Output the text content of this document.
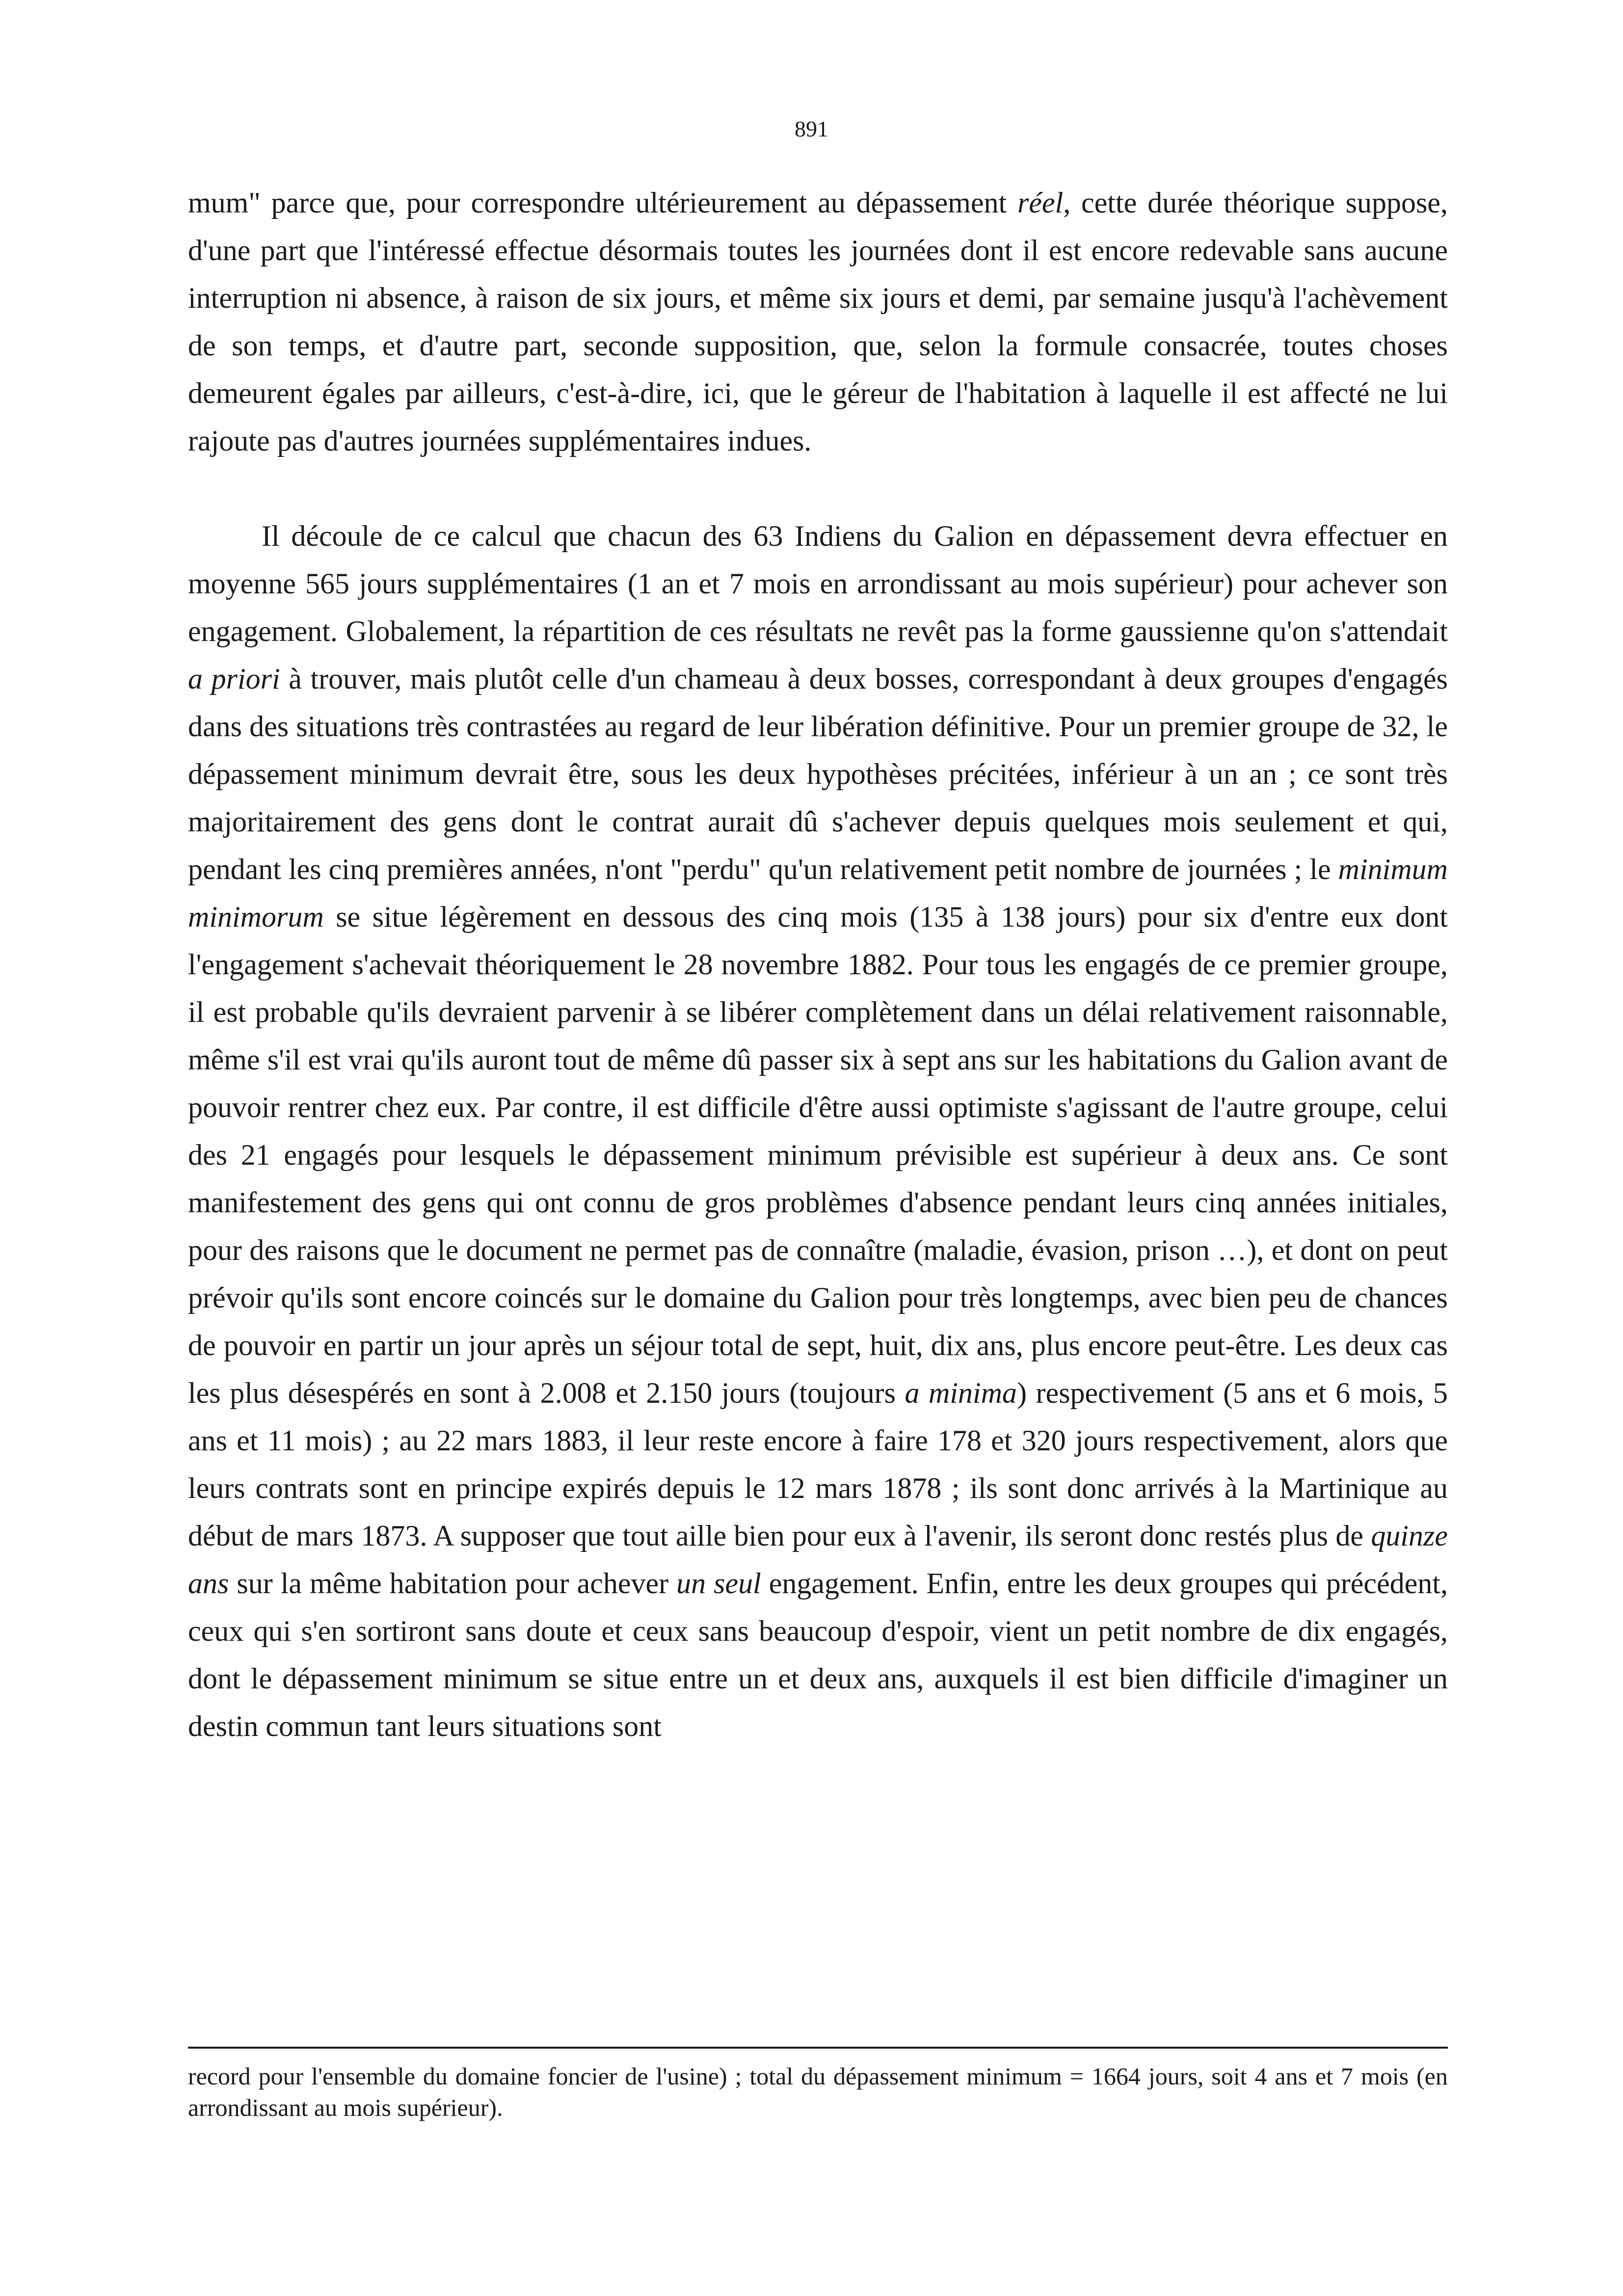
891

mum" parce que, pour correspondre ultérieurement au dépassement réel, cette durée théorique suppose, d'une part que l'intéressé effectue désormais toutes les journées dont il est encore redevable sans aucune interruption ni absence, à raison de six jours, et même six jours et demi, par semaine jusqu'à l'achèvement de son temps, et d'autre part, seconde supposition, que, selon la formule consacrée, toutes choses demeurent égales par ailleurs, c'est-à-dire, ici, que le géreur de l'habitation à laquelle il est affecté ne lui rajoute pas d'autres journées supplémentaires indues.

Il découle de ce calcul que chacun des 63 Indiens du Galion en dépassement devra effectuer en moyenne 565 jours supplémentaires (1 an et 7 mois en arrondissant au mois supérieur) pour achever son engagement. Globalement, la répartition de ces résultats ne revêt pas la forme gaussienne qu'on s'attendait a priori à trouver, mais plutôt celle d'un chameau à deux bosses, correspondant à deux groupes d'engagés dans des situations très contrastées au regard de leur libération définitive. Pour un premier groupe de 32, le dépassement minimum devrait être, sous les deux hypothèses précitées, inférieur à un an ; ce sont très majoritairement des gens dont le contrat aurait dû s'achever depuis quelques mois seulement et qui, pendant les cinq premières années, n'ont "perdu" qu'un relativement petit nombre de journées ; le minimum minimorum se situe légèrement en dessous des cinq mois (135 à 138 jours) pour six d'entre eux dont l'engagement s'achevait théoriquement le 28 novembre 1882. Pour tous les engagés de ce premier groupe, il est probable qu'ils devraient parvenir à se libérer complètement dans un délai relativement raisonnable, même s'il est vrai qu'ils auront tout de même dû passer six à sept ans sur les habitations du Galion avant de pouvoir rentrer chez eux. Par contre, il est difficile d'être aussi optimiste s'agissant de l'autre groupe, celui des 21 engagés pour lesquels le dépassement minimum prévisible est supérieur à deux ans. Ce sont manifestement des gens qui ont connu de gros problèmes d'absence pendant leurs cinq années initiales, pour des raisons que le document ne permet pas de connaître (maladie, évasion, prison …), et dont on peut prévoir qu'ils sont encore coincés sur le domaine du Galion pour très longtemps, avec bien peu de chances de pouvoir en partir un jour après un séjour total de sept, huit, dix ans, plus encore peut-être. Les deux cas les plus désespérés en sont à 2.008 et 2.150 jours (toujours a minima) respectivement (5 ans et 6 mois, 5 ans et 11 mois) ; au 22 mars 1883, il leur reste encore à faire 178 et 320 jours respectivement, alors que leurs contrats sont en principe expirés depuis le 12 mars 1878 ; ils sont donc arrivés à la Martinique au début de mars 1873. A supposer que tout aille bien pour eux à l'avenir, ils seront donc restés plus de quinze ans sur la même habitation pour achever un seul engagement. Enfin, entre les deux groupes qui précédent, ceux qui s'en sortiront sans doute et ceux sans beaucoup d'espoir, vient un petit nombre de dix engagés, dont le dépassement minimum se situe entre un et deux ans, auxquels il est bien difficile d'imaginer un destin commun tant leurs situations sont

record pour l'ensemble du domaine foncier de l'usine) ; total du dépassement minimum = 1664 jours, soit 4 ans et 7 mois (en arrondissant au mois supérieur).
